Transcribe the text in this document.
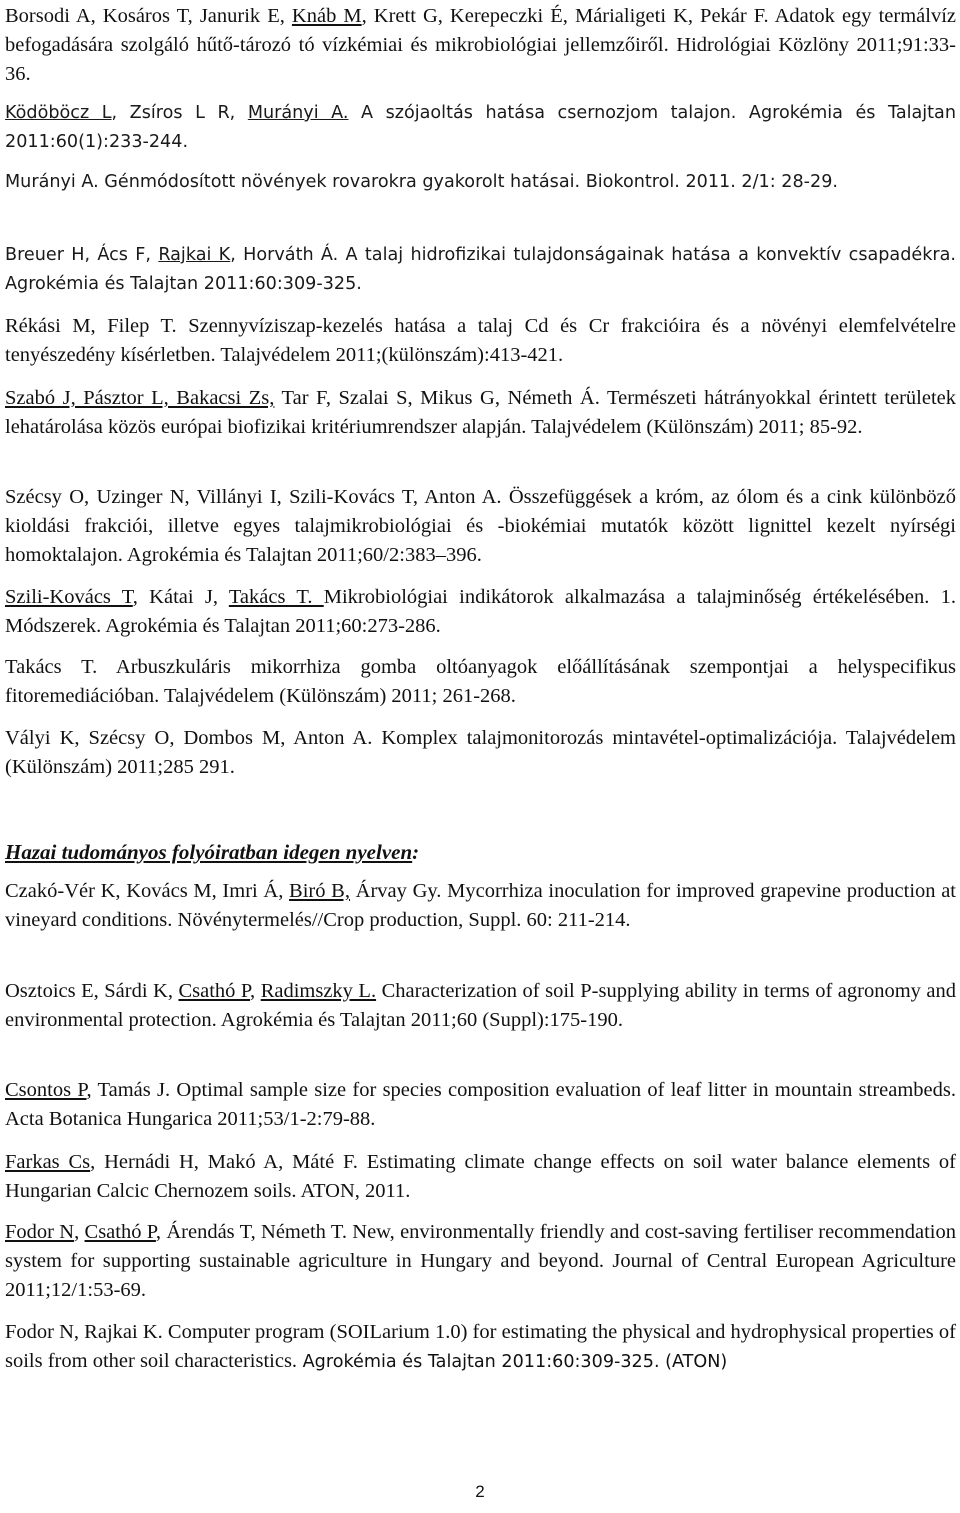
Borsodi A, Kosáros T, Janurik E, Knáb M, Krett G, Kerepeczki É, Márialigeti K, Pekár F. Adatok egy termálvíz befogadására szolgáló hűtő-tározó tó vízkémiai és mikrobiológiai jellemzőiről. Hidrológiai Közlöny 2011;91:33-36.

Ködöböcz L, Zsíros L R, Murányi A. A szójaoltás hatása csernozjom talajon. Agrokémia és Talajtan 2011:60(1):233-244.

Murányi A. Génmódosított növények rovarokra gyakorolt hatásai. Biokontrol. 2011. 2/1: 28-29.

Breuer H, Ács F, Rajkai K, Horváth Á. A talaj hidrofizikai tulajdonságainak hatása a konvektív csapadékra. Agrokémia és Talajtan 2011:60:309-325.

Rékási M, Filep T. Szennyvíziszap-kezelés hatása a talaj Cd és Cr frakcióira és a növényi elemfelvételre tenyészedény kísérletben. Talajvédelem 2011;(különszám):413-421.

Szabó J, Pásztor L, Bakacsi Zs, Tar F, Szalai S, Mikus G, Németh Á. Természeti hátrányokkal érintett területek lehatárolása közös európai biofizikai kritériumrendszer alapján. Talajvédelem (Különszám) 2011; 85-92.

Szécsy O, Uzinger N, Villányi I, Szili-Kovács T, Anton A. Összefüggések a króm, az ólom és a cink különböző kioldási frakciói, illetve egyes talajmikrobiológiai és -biokémiai mutatók között lignittel kezelt nyírségi homoktalajon. Agrokémia és Talajtan 2011;60/2:383–396.

Szili-Kovács T, Kátai J, Takács T. Mikrobiológiai indikátorok alkalmazása a talajminőség értékelésében. 1. Módszerek. Agrokémia és Talajtan 2011;60:273-286.

Takács T. Arbuszkuláris mikorrhiza gomba oltóanyagok előállításának szempontjai a helyspecifikus fitoremediációban. Talajvédelem (Különszám) 2011; 261-268.

Vályi K, Szécsy O, Dombos M, Anton A. Komplex talajmonitorozás mintavétel-optimalizációja. Talajvédelem (Különszám) 2011;285 291.

Hazai tudományos folyóiratban idegen nyelven:

Czakó-Vér K, Kovács M, Imri Á, Biró B, Árvay Gy. Mycorrhiza inoculation for improved grapevine production at vineyard conditions. Növénytermelés//Crop production, Suppl. 60: 211-214.

Osztoics E, Sárdi K, Csathó P, Radimszky L. Characterization of soil P-supplying ability in terms of agronomy and environmental protection. Agrokémia és Talajtan 2011;60 (Suppl):175-190.

Csontos P, Tamás J. Optimal sample size for species composition evaluation of leaf litter in mountain streambeds. Acta Botanica Hungarica 2011;53/1-2:79-88.

Farkas Cs, Hernádi H, Makó A, Máté F. Estimating climate change effects on soil water balance elements of Hungarian Calcic Chernozem soils. ATON, 2011.

Fodor N, Csathó P, Árendás T, Németh T. New, environmentally friendly and cost-saving fertiliser recommendation system for supporting sustainable agriculture in Hungary and beyond. Journal of Central European Agriculture 2011;12/1:53-69.

Fodor N, Rajkai K. Computer program (SOILarium 1.0) for estimating the physical and hydrophysical properties of soils from other soil characteristics. Agrokémia és Talajtan 2011:60:309-325. (ATON)

2
